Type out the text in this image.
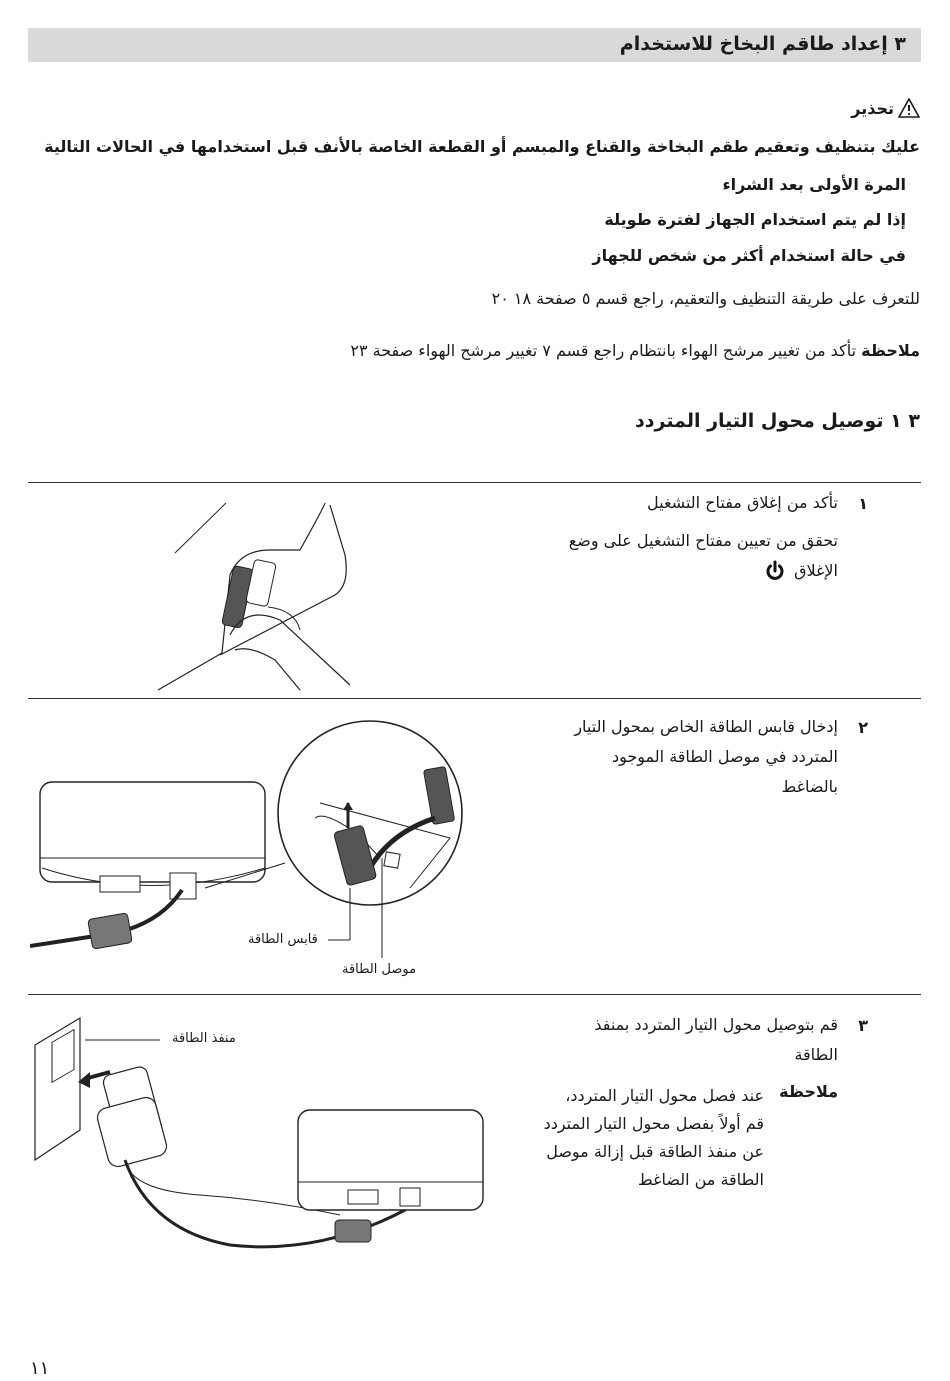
٣ إعداد طاقم البخاخ للاستخدام
تحذير
عليك بتنظيف وتعقيم طقم البخاخة والقناع والمبسم أو القطعة الخاصة بالأنف قبل استخدامها في الحالات التالية
المرة الأولى بعد الشراء
إذا لم يتم استخدام الجهاز لفترة طويلة
في حالة استخدام أكثر من شخص للجهاز
للتعرف على طريقة التنظيف والتعقيم، راجع قسم ٥ صفحة ١٨ ٢٠
ملاحظة تأكد من تغيير مرشح الهواء بانتظام راجع قسم ٧ تغيير مرشح الهواء صفحة ٢٣
٣ ١ توصيل محول التيار المتردد
١
تأكد من إغلاق مفتاح التشغيل
تحقق من تعيين مفتاح التشغيل على وضع
الإغلاق
٢
إدخال قابس الطاقة الخاص بمحول التيار
المتردد في موصل الطاقة الموجود
بالضاغط
قابس الطاقة
موصل الطاقة
٣
قم بتوصيل محول التيار المتردد بمنفذ
الطاقة
ملاحظة
عند فصل محول التيار المتردد،
قم أولاً بفصل محول التيار المتردد
عن منفذ الطاقة قبل إزالة موصل
الطاقة من الضاغط
منفذ الطاقة
١١
